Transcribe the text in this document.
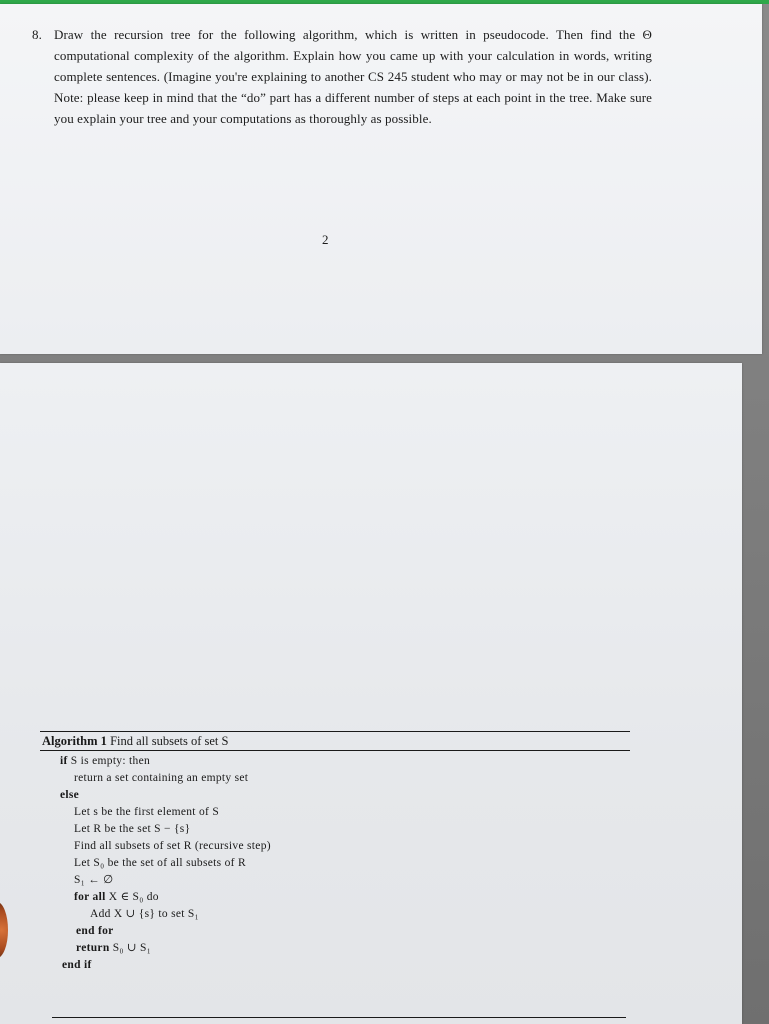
8. Draw the recursion tree for the following algorithm, which is written in pseudocode. Then find the Θ computational complexity of the algorithm. Explain how you came up with your calculation in words, writing complete sentences. (Imagine you're explaining to another CS 245 student who may or may not be in our class). Note: please keep in mind that the “do” part has a different number of steps at each point in the tree. Make sure you explain your tree and your computations as thoroughly as possible.
2
Algorithm 1 Find all subsets of set S
if S is empty: then
return a set containing an empty set
else
Let s be the first element of S
Let R be the set S − {s}
Find all subsets of set R (recursive step)
Let S₀ be the set of all subsets of R
S₁ ← ∅
for all X ∈ S₀ do
Add X ∪ {s} to set S₁
end for
return S₀ ∪ S₁
end if
